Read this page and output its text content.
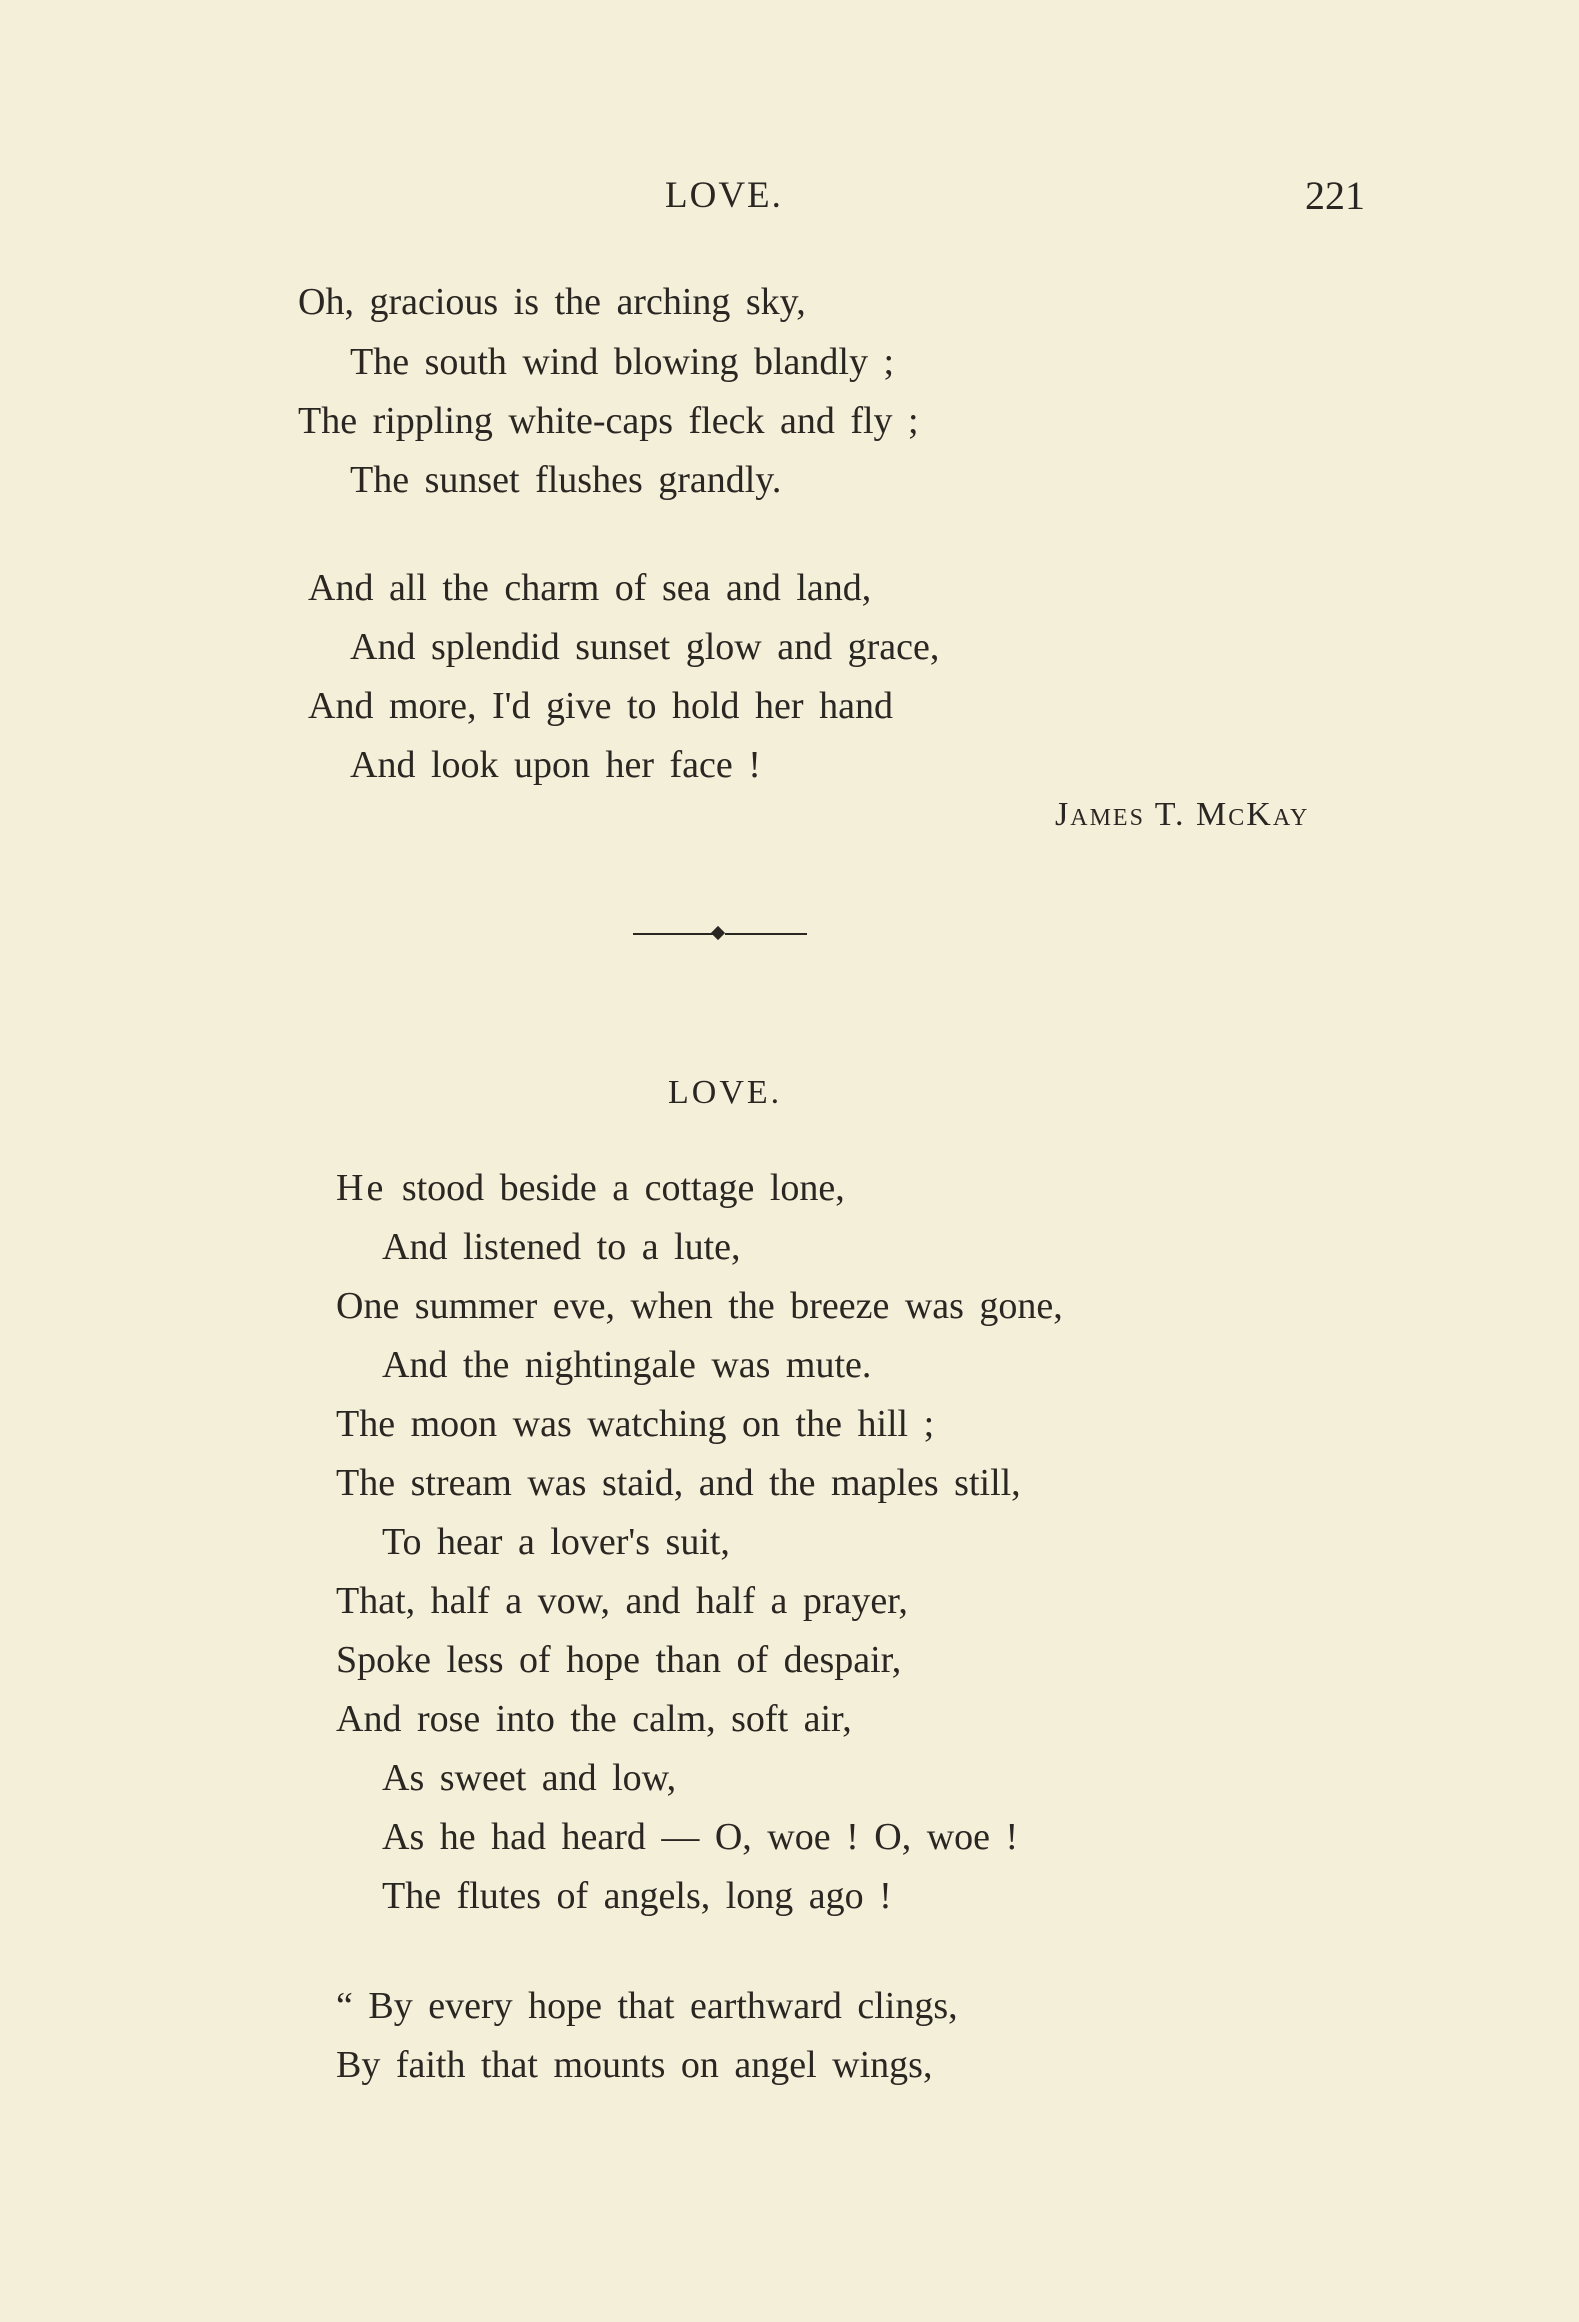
LOVE.	221
Oh, gracious is the arching sky,
The south wind blowing blandly ;
The rippling white-caps fleck and fly ;
The sunset flushes grandly.
And all the charm of sea and land,
And splendid sunset glow and grace,
And more, I'd give to hold her hand
And look upon her face !
James T. McKay
LOVE.
He stood beside a cottage lone,
And listened to a lute,
One summer eve, when the breeze was gone,
And the nightingale was mute.
The moon was watching on the hill ;
The stream was staid, and the maples still,
To hear a lover's suit,
That, half a vow, and half a prayer,
Spoke less of hope than of despair,
And rose into the calm, soft air,
As sweet and low,
As he had heard — O, woe ! O, woe !
The flutes of angels, long ago !
“ By every hope that earthward clings,
By faith that mounts on angel wings,
